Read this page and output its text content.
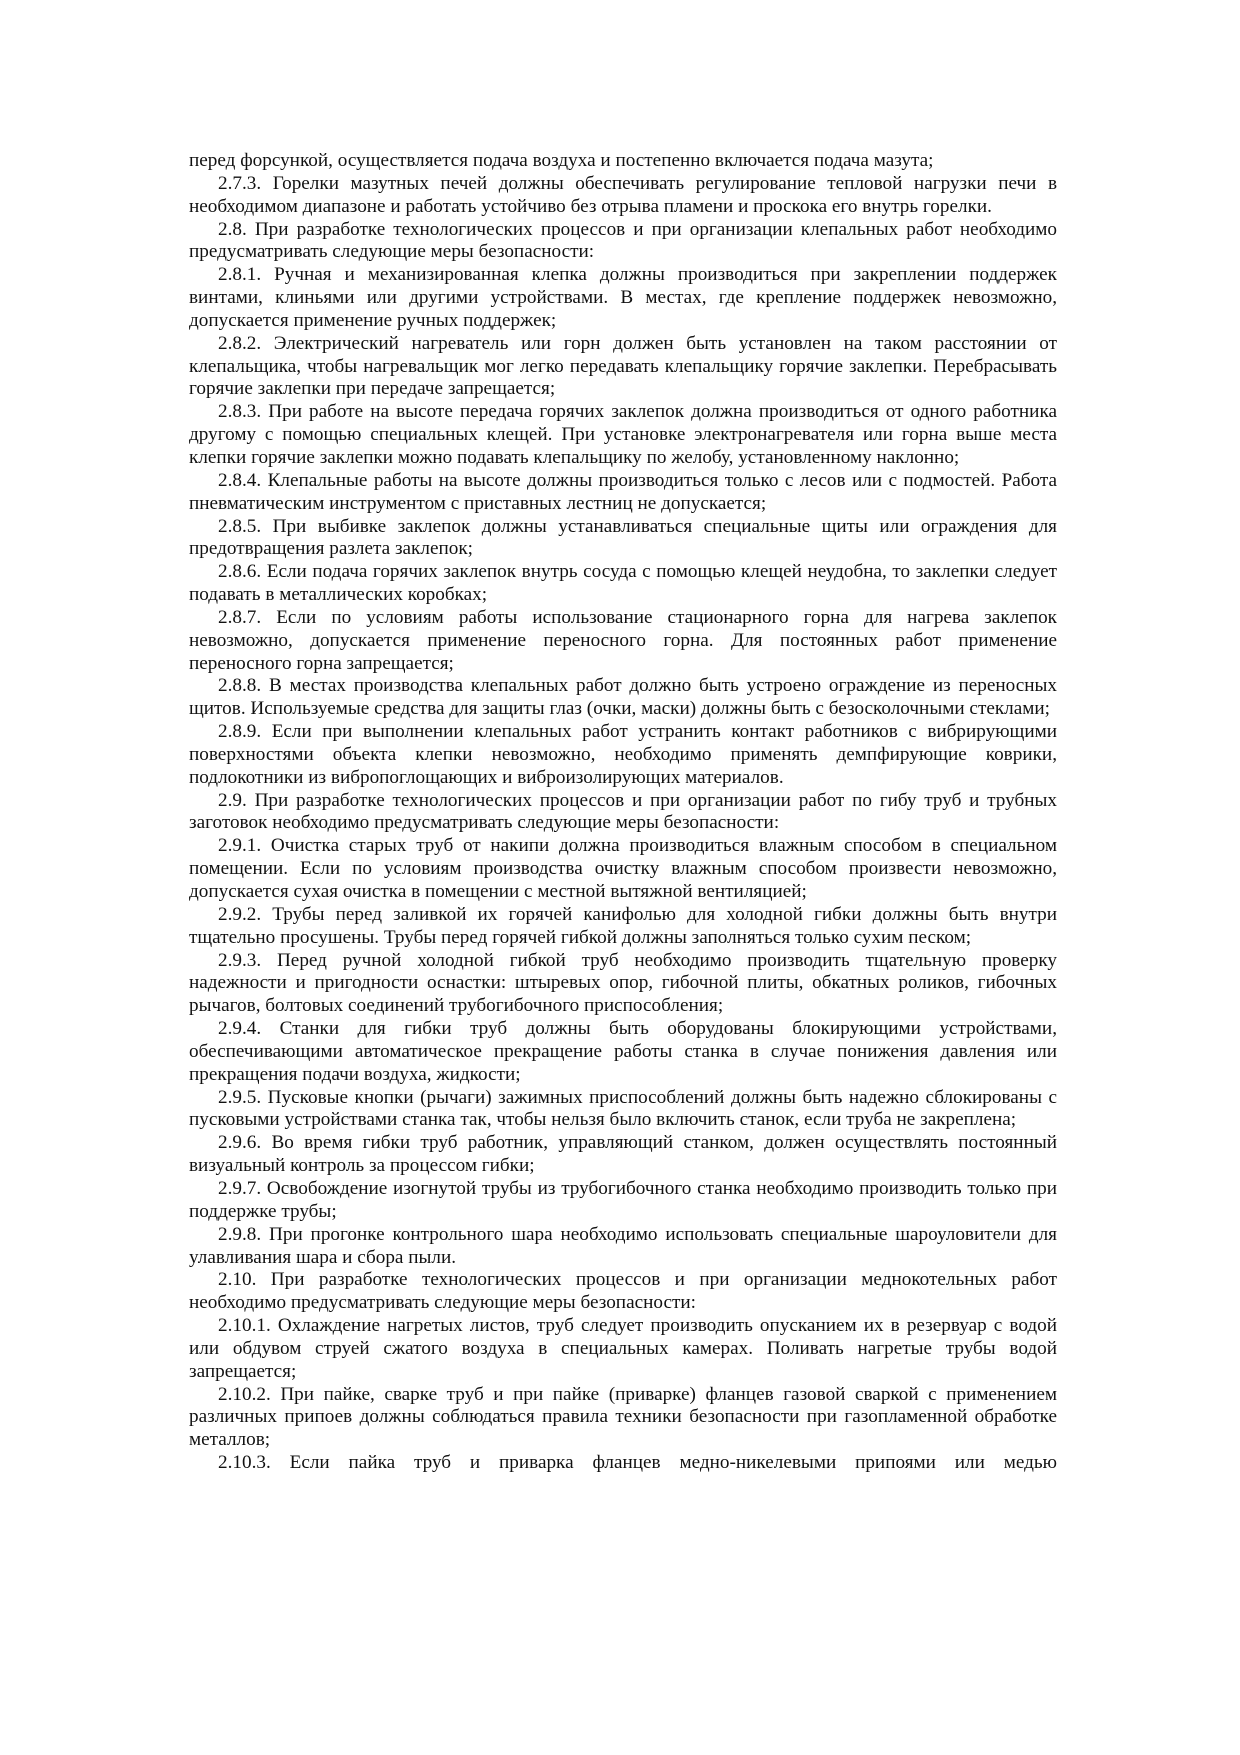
перед форсункой, осуществляется подача воздуха и постепенно включается подача мазута;

2.7.3. Горелки мазутных печей должны обеспечивать регулирование тепловой нагрузки печи в необходимом диапазоне и работать устойчиво без отрыва пламени и проскока его внутрь горелки.

2.8. При разработке технологических процессов и при организации клепальных работ необходимо предусматривать следующие меры безопасности:

2.8.1. Ручная и механизированная клепка должны производиться при закреплении поддержек винтами, клиньями или другими устройствами. В местах, где крепление поддержек невозможно, допускается применение ручных поддержек;

2.8.2. Электрический нагреватель или горн должен быть установлен на таком расстоянии от клепальщика, чтобы нагревальщик мог легко передавать клепальщику горячие заклепки. Перебрасывать горячие заклепки при передаче запрещается;

2.8.3. При работе на высоте передача горячих заклепок должна производиться от одного работника другому с помощью специальных клещей. При установке электронагревателя или горна выше места клепки горячие заклепки можно подавать клепальщику по желобу, установленному наклонно;

2.8.4. Клепальные работы на высоте должны производиться только с лесов или с подмостей. Работа пневматическим инструментом с приставных лестниц не допускается;

2.8.5. При выбивке заклепок должны устанавливаться специальные щиты или ограждения для предотвращения разлета заклепок;

2.8.6. Если подача горячих заклепок внутрь сосуда с помощью клещей неудобна, то заклепки следует подавать в металлических коробках;

2.8.7. Если по условиям работы использование стационарного горна для нагрева заклепок невозможно, допускается применение переносного горна. Для постоянных работ применение переносного горна запрещается;

2.8.8. В местах производства клепальных работ должно быть устроено ограждение из переносных щитов. Используемые средства для защиты глаз (очки, маски) должны быть с безосколочными стеклами;

2.8.9. Если при выполнении клепальных работ устранить контакт работников с вибрирующими поверхностями объекта клепки невозможно, необходимо применять демпфирующие коврики, подлокотники из вибропоглощающих и виброизолирующих материалов.

2.9. При разработке технологических процессов и при организации работ по гибу труб и трубных заготовок необходимо предусматривать следующие меры безопасности:

2.9.1. Очистка старых труб от накипи должна производиться влажным способом в специальном помещении. Если по условиям производства очистку влажным способом произвести невозможно, допускается сухая очистка в помещении с местной вытяжной вентиляцией;

2.9.2. Трубы перед заливкой их горячей канифолью для холодной гибки должны быть внутри тщательно просушены. Трубы перед горячей гибкой должны заполняться только сухим песком;

2.9.3. Перед ручной холодной гибкой труб необходимо производить тщательную проверку надежности и пригодности оснастки: штыревых опор, гибочной плиты, обкатных роликов, гибочных рычагов, болтовых соединений трубогибочного приспособления;

2.9.4. Станки для гибки труб должны быть оборудованы блокирующими устройствами, обеспечивающими автоматическое прекращение работы станка в случае понижения давления или прекращения подачи воздуха, жидкости;

2.9.5. Пусковые кнопки (рычаги) зажимных приспособлений должны быть надежно сблокированы с пусковыми устройствами станка так, чтобы нельзя было включить станок, если труба не закреплена;

2.9.6. Во время гибки труб работник, управляющий станком, должен осуществлять постоянный визуальный контроль за процессом гибки;

2.9.7. Освобождение изогнутой трубы из трубогибочного станка необходимо производить только при поддержке трубы;

2.9.8. При прогонке контрольного шара необходимо использовать специальные шароуловители для улавливания шара и сбора пыли.

2.10. При разработке технологических процессов и при организации меднокотельных работ необходимо предусматривать следующие меры безопасности:

2.10.1. Охлаждение нагретых листов, труб следует производить опусканием их в резервуар с водой или обдувом струей сжатого воздуха в специальных камерах. Поливать нагретые трубы водой запрещается;

2.10.2. При пайке, сварке труб и при пайке (приварке) фланцев газовой сваркой с применением различных припоев должны соблюдаться правила техники безопасности при газопламенной обработке металлов;

2.10.3. Если пайка труб и приварка фланцев медно-никелевыми припоями или медью
